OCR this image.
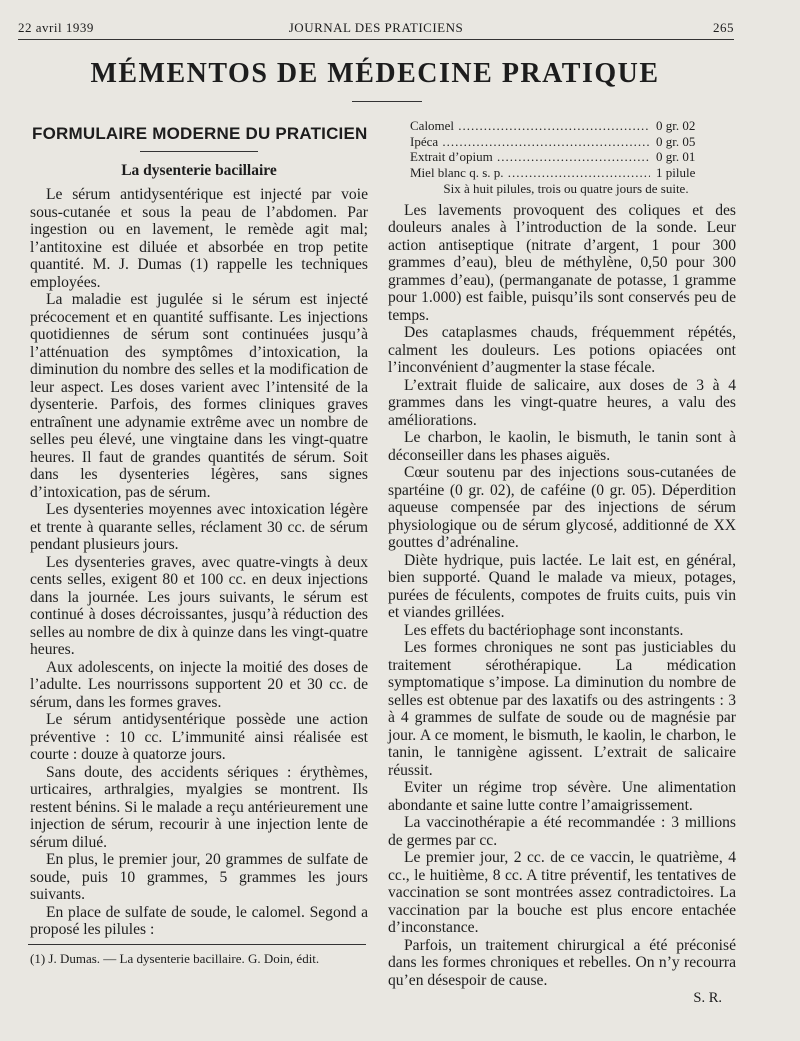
22 avril 1939	JOURNAL DES PRATICIENS	265
MÉMENTOS DE MÉDECINE PRATIQUE
FORMULAIRE MODERNE DU PRATICIEN
La dysenterie bacillaire

Le sérum antidysentérique est injecté par voie sous-cutanée et sous la peau de l’abdomen. Par ingestion ou en lavement, le remède agit mal; l’antitoxine est diluée et absorbée en trop petite quantité. M. J. Dumas (1) rappelle les techniques employées.

La maladie est jugulée si le sérum est injecté précocement et en quantité suffisante. Les injections quotidiennes de sérum sont continuées jusqu’à l’atténuation des symptômes d’intoxication, la diminution du nombre des selles et la modification de leur aspect. Les doses varient avec l’intensité de la dysenterie. Parfois, des formes cliniques graves entraînent une adynamie extrême avec un nombre de selles peu élevé, une vingtaine dans les vingt-quatre heures. Il faut de grandes quantités de sérum. Soit dans les dysenteries légères, sans signes d’intoxication, pas de sérum.

Les dysenteries moyennes avec intoxication légère et trente à quarante selles, réclament 30 cc. de sérum pendant plusieurs jours.

Les dysenteries graves, avec quatre-vingts à deux cents selles, exigent 80 et 100 cc. en deux injections dans la journée. Les jours suivants, le sérum est continué à doses décroissantes, jusqu’à réduction des selles au nombre de dix à quinze dans les vingt-quatre heures.

Aux adolescents, on injecte la moitié des doses de l’adulte. Les nourrissons supportent 20 et 30 cc. de sérum, dans les formes graves.

Le sérum antidysentérique possède une action préventive : 10 cc. L’immunité ainsi réalisée est courte : douze à quatorze jours.

Sans doute, des accidents sériques : érythèmes, urticaires, arthralgies, myalgies se montrent. Ils restent bénins. Si le malade a reçu antérieurement une injection de sérum, recourir à une injection lente de sérum dilué.

En plus, le premier jour, 20 grammes de sulfate de soude, puis 10 grammes, 5 grammes les jours suivants.

En place de sulfate de soude, le calomel. Segond a proposé les pilules :

(1) J. Dumas. — La dysenterie bacillaire. G. Doin, édit.
Calomel .....	0 gr. 02
Ipéca .....	0 gr. 05
Extrait d’opium .....	0 gr. 01
Miel blanc q. s. p. .....	1 pilule
Six à huit pilules, trois ou quatre jours de suite.

Les lavements provoquent des coliques et des douleurs anales à l’introduction de la sonde. Leur action antiseptique (nitrate d’argent, 1 pour 300 grammes d’eau), bleu de méthylène, 0,50 pour 300 grammes d’eau), (permanganate de potasse, 1 gramme pour 1.000) est faible, puisqu’ils sont conservés peu de temps.

Des cataplasmes chauds, fréquemment répétés, calment les douleurs. Les potions opiacées ont l’inconvénient d’augmenter la stase fécale.

L’extrait fluide de salicaire, aux doses de 3 à 4 grammes dans les vingt-quatre heures, a valu des améliorations.

Le charbon, le kaolin, le bismuth, le tanin sont à déconseiller dans les phases aiguës.

Cœur soutenu par des injections sous-cutanées de spartéine (0 gr. 02), de caféine (0 gr. 05). Déperdition aqueuse compensée par des injections de sérum physiologique ou de sérum glycosé, additionné de XX gouttes d’adrénaline.

Diète hydrique, puis lactée. Le lait est, en général, bien supporté. Quand le malade va mieux, potages, purées de féculents, compotes de fruits cuits, puis vin et viandes grillées.

Les effets du bactériophage sont inconstants.

Les formes chroniques ne sont pas justiciables du traitement sérothérapique. La médication symptomatique s’impose. La diminution du nombre de selles est obtenue par des laxatifs ou des astringents : 3 à 4 grammes de sulfate de soude ou de magnésie par jour. A ce moment, le bismuth, le kaolin, le charbon, le tanin, le tannigène agissent. L’extrait de salicaire réussit.

Eviter un régime trop sévère. Une alimentation abondante et saine lutte contre l’amaigrissement.

La vaccinothérapie a été recommandée : 3 millions de germes par cc.

Le premier jour, 2 cc. de ce vaccin, le quatrième, 4 cc., le huitième, 8 cc. A titre préventif, les tentatives de vaccination se sont montrées assez contradictoires. La vaccination par la bouche est plus encore entachée d’inconstance.

Parfois, un traitement chirurgical a été préconisé dans les formes chroniques et rebelles. On n’y recourra qu’en désespoir de cause.

S. R.
